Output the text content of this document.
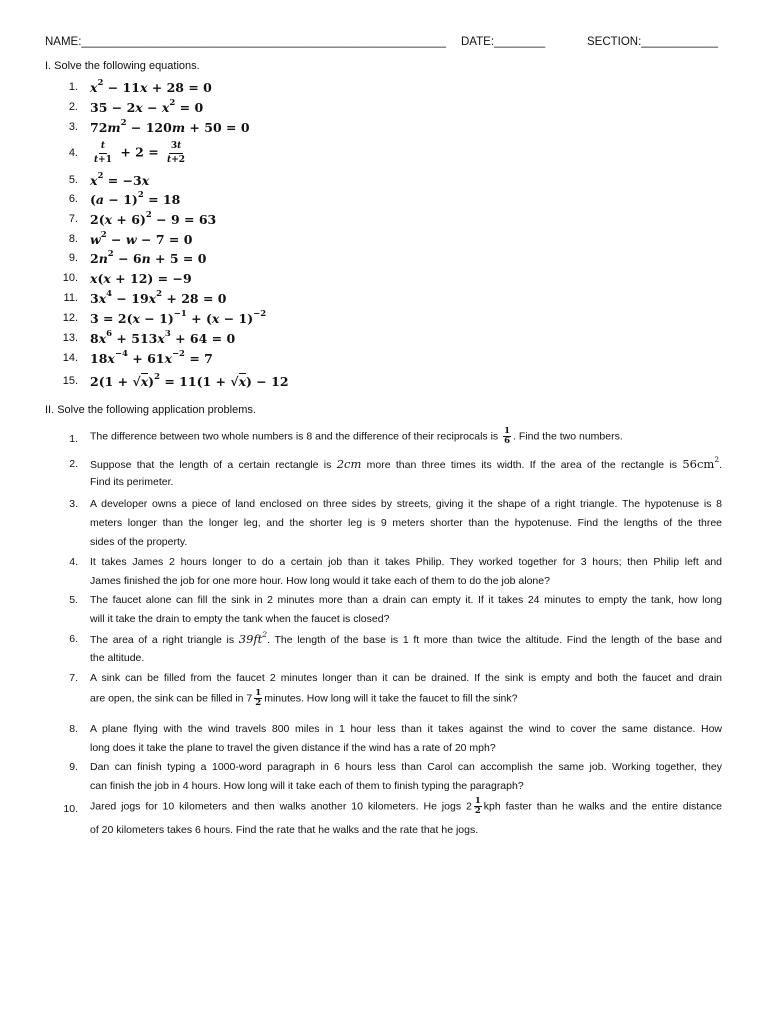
NAME:_________________________________________________________ DATE:________	SECTION:____________
I. Solve the following equations.
1. $x^2 - 11x + 28 = 0$
2. $35 - 2x - x^2 = 0$
3. $72m^2 - 120m + 50 = 0$
4. $\frac{t}{t+1} + 2 = \frac{3t}{t+2}$
5. $x^2 = -3x$
6. $(a - 1)^2 = 18$
7. $2(x + 6)^2 - 9 = 63$
8. $w^2 - w - 7 = 0$
9. $2n^2 - 6n + 5 = 0$
10. x(x + 12) = −9
11. $3x^4 - 19x^2 + 28 = 0$
12. $3 = 2(x - 1)^{-1} + (x - 1)^{-2}$
13. $8x^6 + 513x^3 + 64 = 0$
14. $18x^{-4} + 61x^{-2} = 7$
15. $2(1 + √x)^2 = 11(1 + √x) - 12$
II. Solve the following application problems.
1. The difference between two whole numbers is 8 and the difference of their reciprocals is $\frac{1}{6}$ . Find the two numbers.
2. Suppose that the length of a certain rectangle is 2cm more than three times its width. If the area of the rectangle is $56cm^2$.
Find its perimeter.
3. A developer owns a piece of land enclosed on three sides by streets, giving it the shape of a right triangle. The hypotenuse is 8
meters longer than the longer leg, and the shorter leg is 9 meters shorter than the hypotenuse. Find the lengths of the three
sides of the property.
4. It takes James 2 hours longer to do a certain job than it takes Philip. They worked together for 3 hours; then Philip left and
James finished the job for one more hour. How long would it take each of them to do the job alone?
5. The faucet alone can fill the sink in 2 minutes more than a drain can empty it. If it takes 24 minutes to empty the tank, how long
will it take the drain to empty the tank when the faucet is closed?
6. The area of a right triangle is $39ft^2$. The length of the base is 1 ft more than twice the altitude. Find the length of the base and
the altitude.
7. A sink can be filled from the faucet 2 minutes longer than it can be drained. If the sink is empty and both the faucet and drain
are open, the sink can be filled in $7 \frac{1}{2}$ minutes. How long will it take the faucet to fill the sink?
8. A plane flying with the wind travels 800 miles in 1 hour less than it takes against the wind to cover the same distance. How
long does it take the plane to travel the given distance if the wind has a rate of 20 mph?
9. Dan can finish typing a 1000-word paragraph in 6 hours less than Carol can accomplish the same job. Working together, they
can finish the job in 4 hours. How long will it take each of them to finish typing the paragraph?
10. Jared jogs for 10 kilometers and then walks another 10 kilometers. He jogs $2 \frac{1}{2}$ kph faster than he walks and the entire distance
of 20 kilometers takes 6 hours. Find the rate that he walks and the rate that he jogs.
